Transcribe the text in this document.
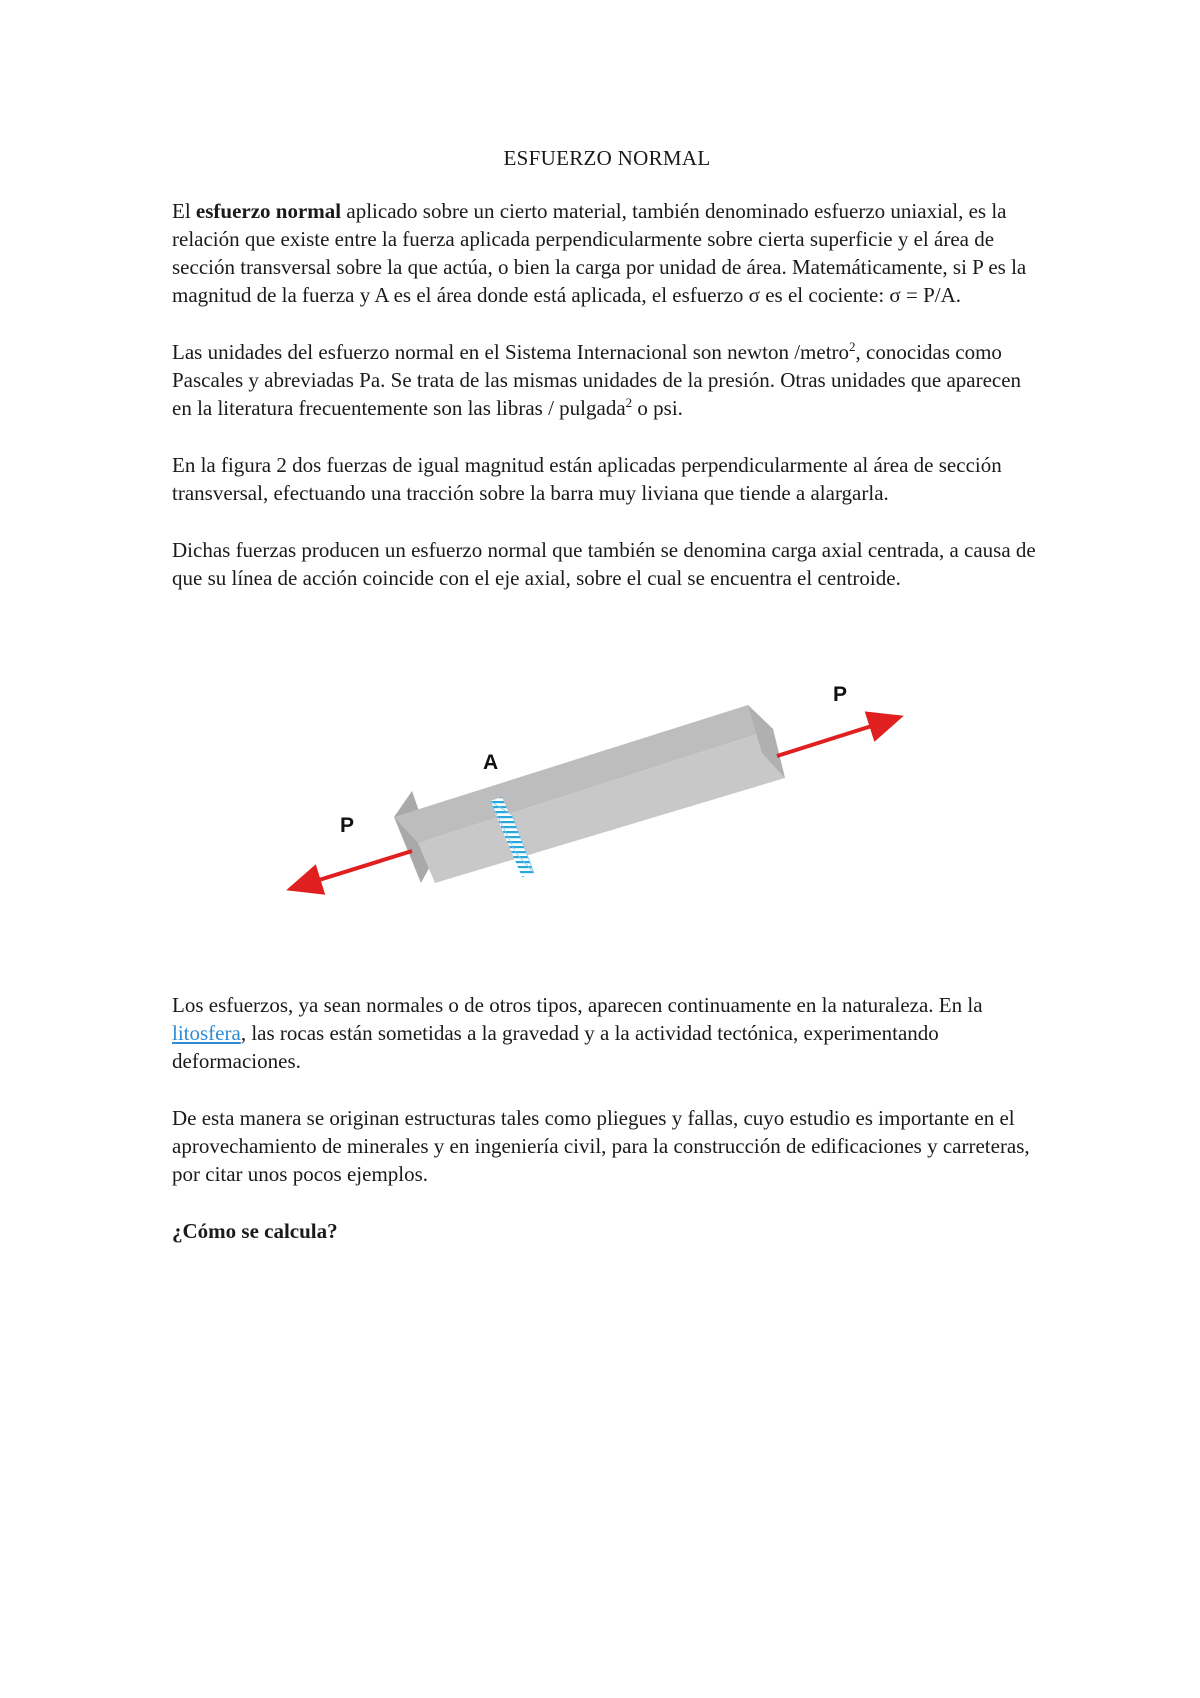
ESFUERZO NORMAL

El esfuerzo normal aplicado sobre un cierto material, también denominado esfuerzo uniaxial, es la relación que existe entre la fuerza aplicada perpendicularmente sobre cierta superficie y el área de sección transversal sobre la que actúa, o bien la carga por unidad de área. Matemáticamente, si P es la magnitud de la fuerza y A es el área donde está aplicada, el esfuerzo σ es el cociente: σ = P/A.

Las unidades del esfuerzo normal en el Sistema Internacional son newton /metro$^2$, conocidas como Pascales y abreviadas Pa. Se trata de las mismas unidades de la presión. Otras unidades que aparecen en la literatura frecuentemente son las libras / pulgada$^2$ o psi.

En la figura 2 dos fuerzas de igual magnitud están aplicadas perpendicularmente al área de sección transversal, efectuando una tracción sobre la barra muy liviana que tiende a alargarla.

Dichas fuerzas producen un esfuerzo normal que también se denomina carga axial centrada, a causa de que su línea de acción coincide con el eje axial, sobre el cual se encuentra el centroide.

P
A
P

Los esfuerzos, ya sean normales o de otros tipos, aparecen continuamente en la naturaleza. En la litosfera, las rocas están sometidas a la gravedad y a la actividad tectónica, experimentando deformaciones.

De esta manera se originan estructuras tales como pliegues y fallas, cuyo estudio es importante en el aprovechamiento de minerales y en ingeniería civil, para la construcción de edificaciones y carreteras, por citar unos pocos ejemplos.

¿Cómo se calcula?
